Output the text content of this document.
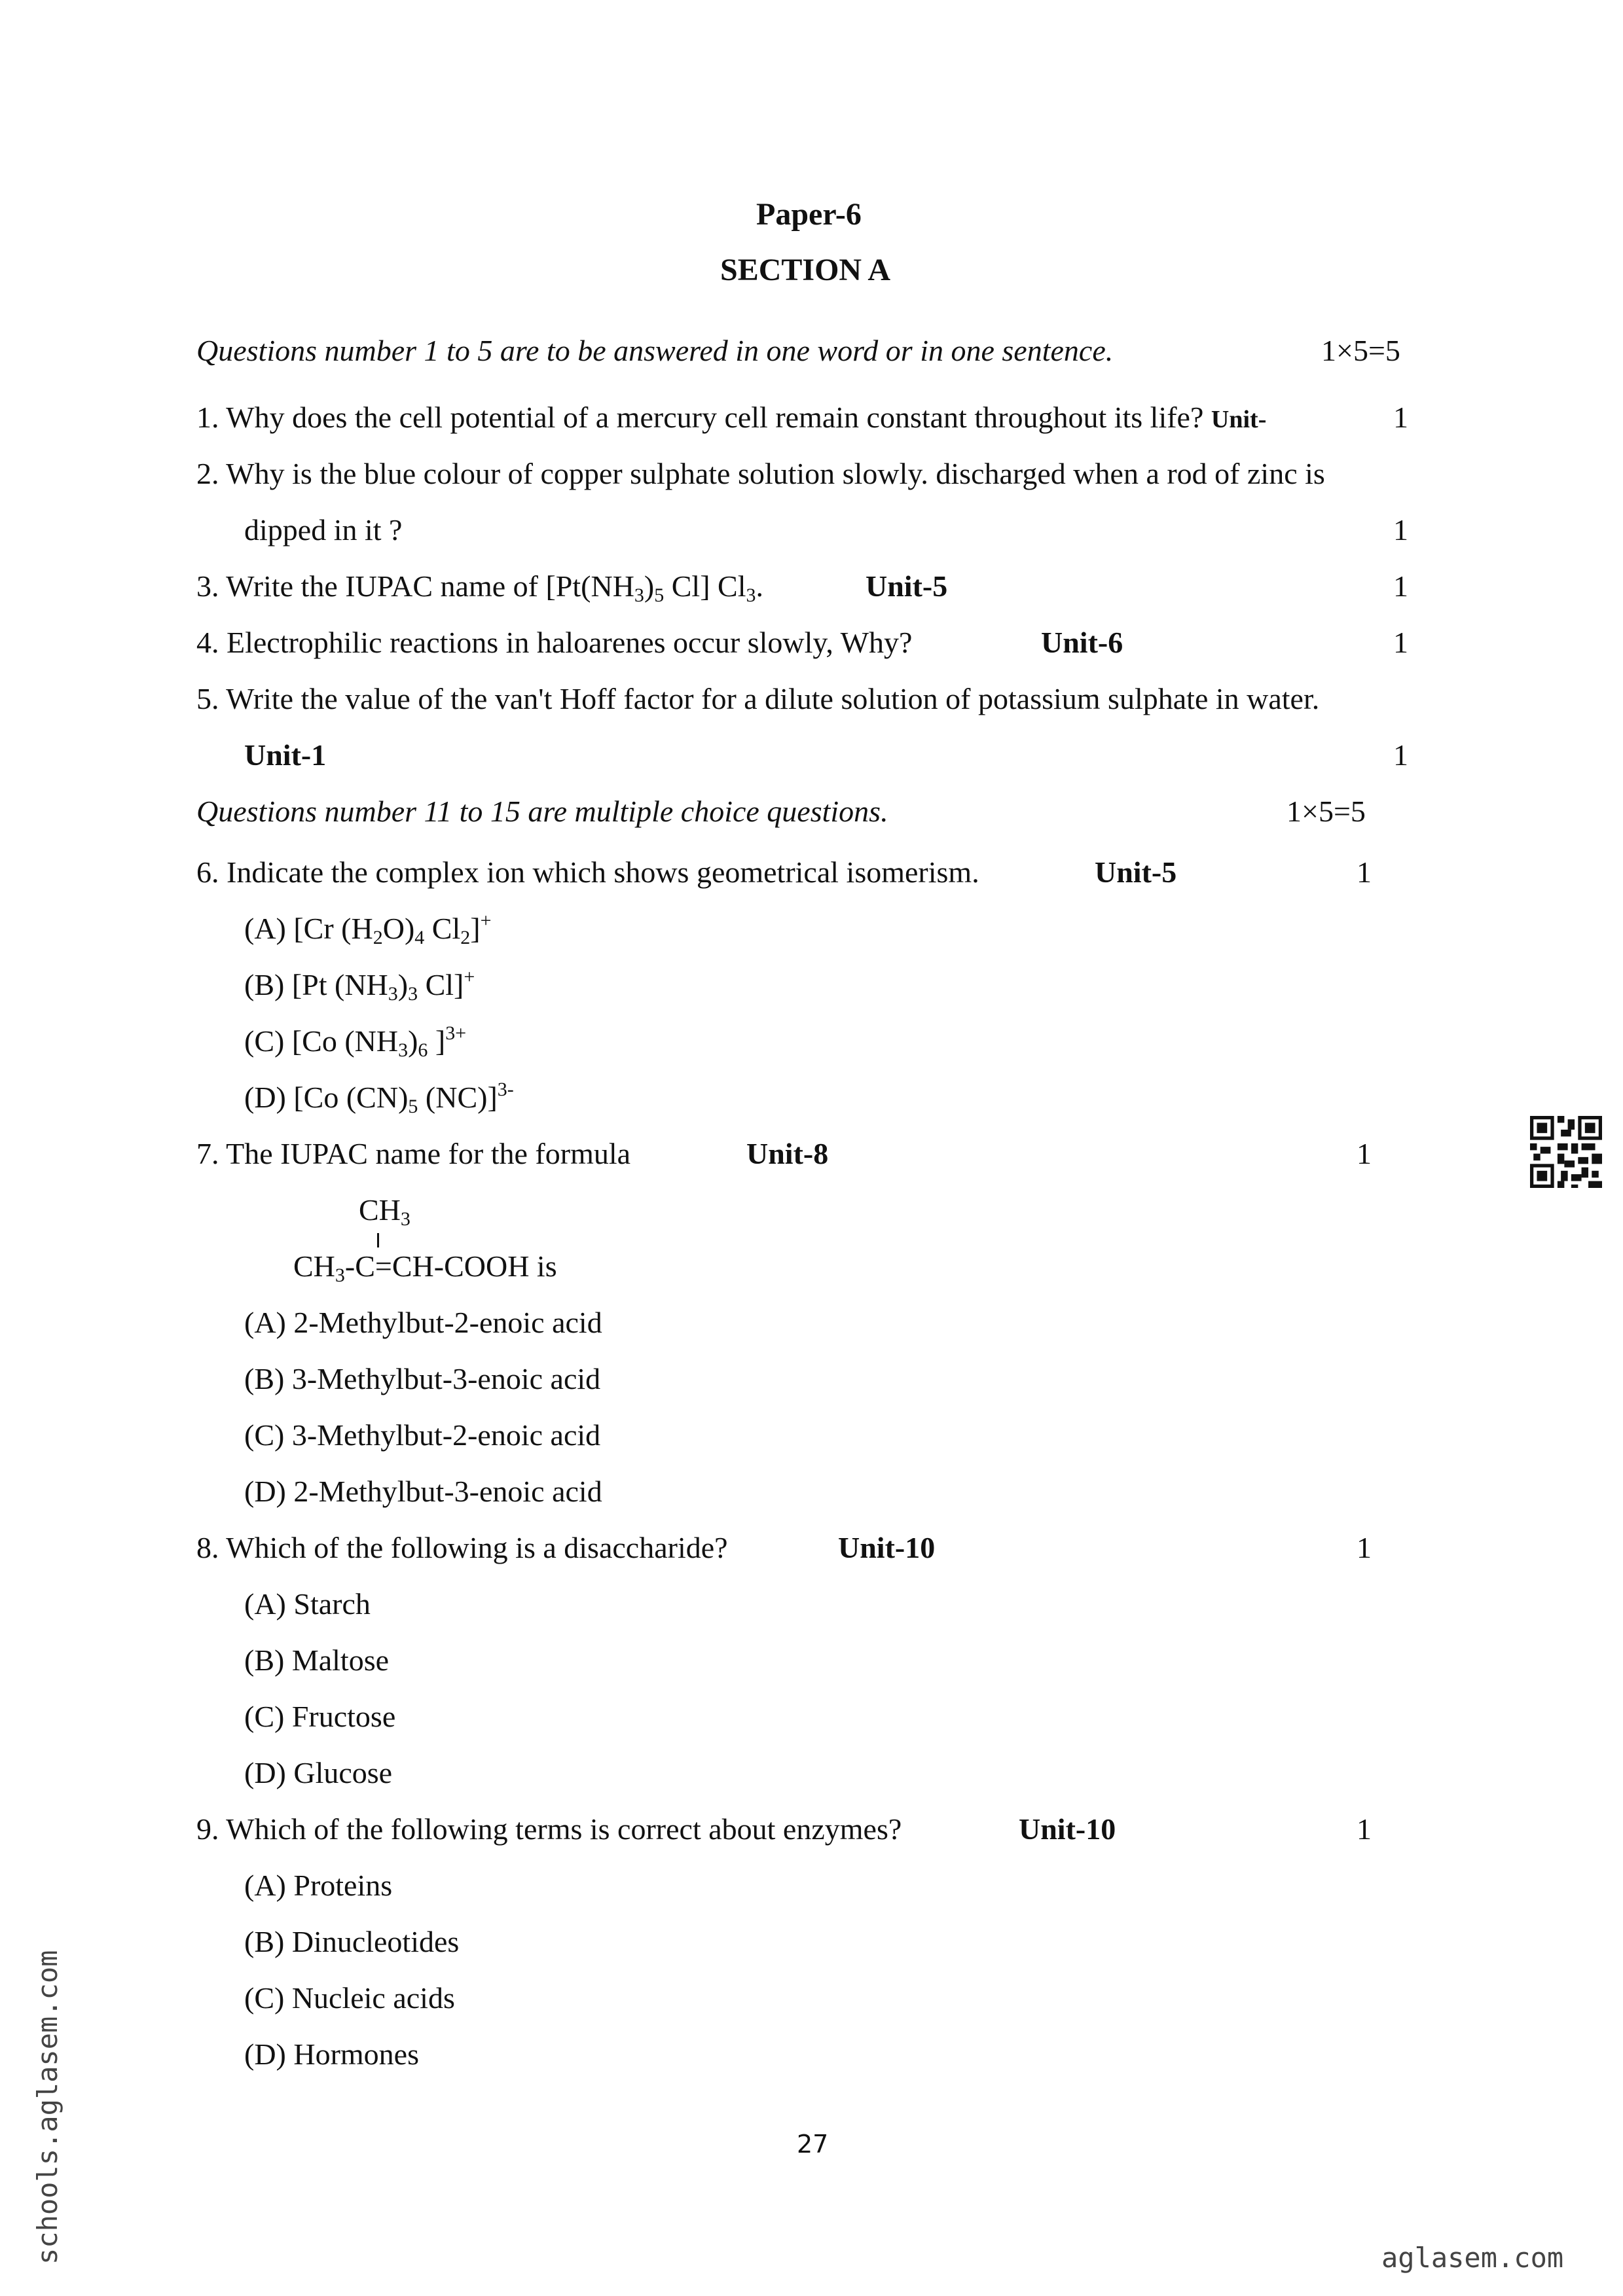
Paper-6
SECTION A
Questions number 1 to 5 are to be answered in one word or in one sentence.	1×5=5
1. Why does the cell potential of a mercury cell remain constant throughout its life? Unit-	1
2. Why is the blue colour of copper sulphate solution slowly. discharged when a rod of zinc is
dipped in it ?	1
3. Write the IUPAC name of [$Pt(NH_3)_5$ Cl] $Cl_3$.	Unit-5	1
4. Electrophilic reactions in haloarenes occur slowly, Why?	Unit-6	1
5. Write the value of the van't Hoff factor for a dilute solution of potassium sulphate in water.
Unit-1	1
Questions number 11 to 15 are multiple choice questions.	1×5=5
6. Indicate the complex ion which shows geometrical isomerism.	Unit-5	1
(A) [Cr $(H_2O)_4$ $Cl_2]^+$
(B) [Pt $(NH_3)_3$ Cl]+
(C) [Co $(NH_3)_6$ ]$^{3+}$
(D) [Co $(CN)_5$ (NC)]$^{3-}$
7. The IUPAC name for the formula	Unit-8	1
$CH_3$
$CH_3-C=CH$-COOH is
(A) 2-Methylbut-2-enoic acid
(B) 3-Methylbut-3-enoic acid
(C) 3-Methylbut-2-enoic acid
(D) 2-Methylbut-3-enoic acid
8. Which of the following is a disaccharide?	Unit-10	1
(A) Starch
(B) Maltose
(C) Fructose
(D) Glucose
9. Which of the following terms is correct about enzymes?	Unit-10	1
(A) Proteins
(B) Dinucleotides
(C) Nucleic acids
(D) Hormones
27
schools.aglasem.com	aglasem.com
